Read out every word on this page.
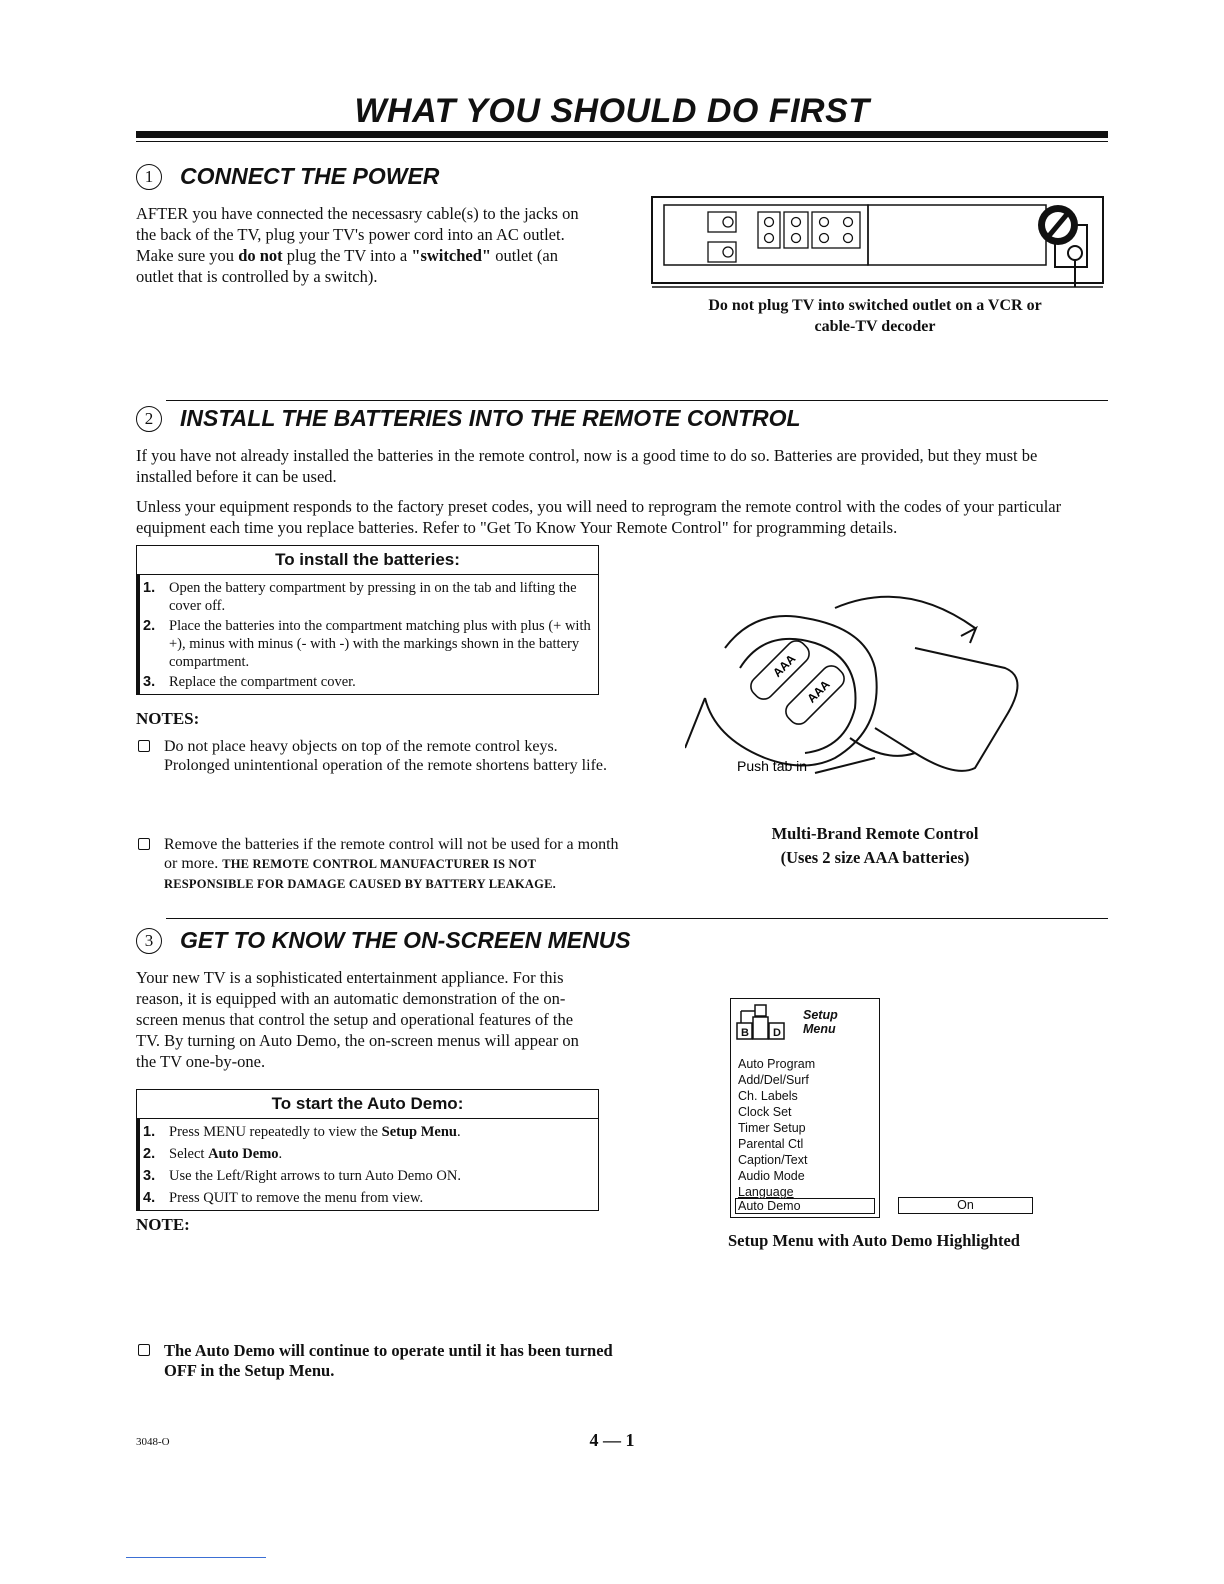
WHAT YOU SHOULD DO FIRST
1 CONNECT THE POWER
AFTER you have connected the necessasry cable(s) to the jacks on the back of the TV, plug your TV's power cord into an AC outlet. Make sure you do not plug the TV into a "switched" outlet (an outlet that is controlled by a switch).
Do not plug TV into switched outlet on a VCR or cable-TV decoder
2 INSTALL THE BATTERIES INTO THE REMOTE CONTROL
If you have not already installed the batteries in the remote control, now is a good time to do so. Batteries are provided, but they must be installed before it can be used.
Unless your equipment responds to the factory preset codes, you will need to reprogram the remote control with the codes of your particular equipment each time you replace batteries. Refer to "Get To Know Your Remote Control" for programming details.
To install the batteries:
1. Open the battery compartment by pressing in on the tab and lifting the cover off.
2. Place the batteries into the compartment matching plus with plus (+ with +), minus with minus (- with -) with the markings shown in the battery compartment.
3. Replace the compartment cover.
NOTES:
Do not place heavy objects on top of the remote control keys. Prolonged unintentional operation of the remote shortens battery life.
Remove the batteries if the remote control will not be used for a month or more. THE REMOTE CONTROL MANUFACTURER IS NOT RESPONSIBLE FOR DAMAGE CAUSED BY BATTERY LEAKAGE.
AAA
AAA
Push tab in
Multi-Brand Remote Control
(Uses 2 size AAA batteries)
3 GET TO KNOW THE ON-SCREEN MENUS
Your new TV is a sophisticated entertainment appliance. For this reason, it is equipped with an automatic demonstration of the on-screen menus that control the setup and operational features of the TV. By turning on Auto Demo, the on-screen menus will appear on the TV one-by-one.
To start the Auto Demo:
1. Press MENU repeatedly to view the Setup Menu.
2. Select Auto Demo.
3. Use the Left/Right arrows to turn Auto Demo ON.
4. Press QUIT to remove the menu from view.
NOTE:
The Auto Demo will continue to operate until it has been turned OFF in the Setup Menu.
B D
Setup
Menu
Auto Program
Add/Del/Surf
Ch. Labels
Clock Set
Timer Setup
Parental Ctl
Caption/Text
Audio Mode
Language
Auto Demo	On
Setup Menu with Auto Demo Highlighted
3048-O	4 — 1
